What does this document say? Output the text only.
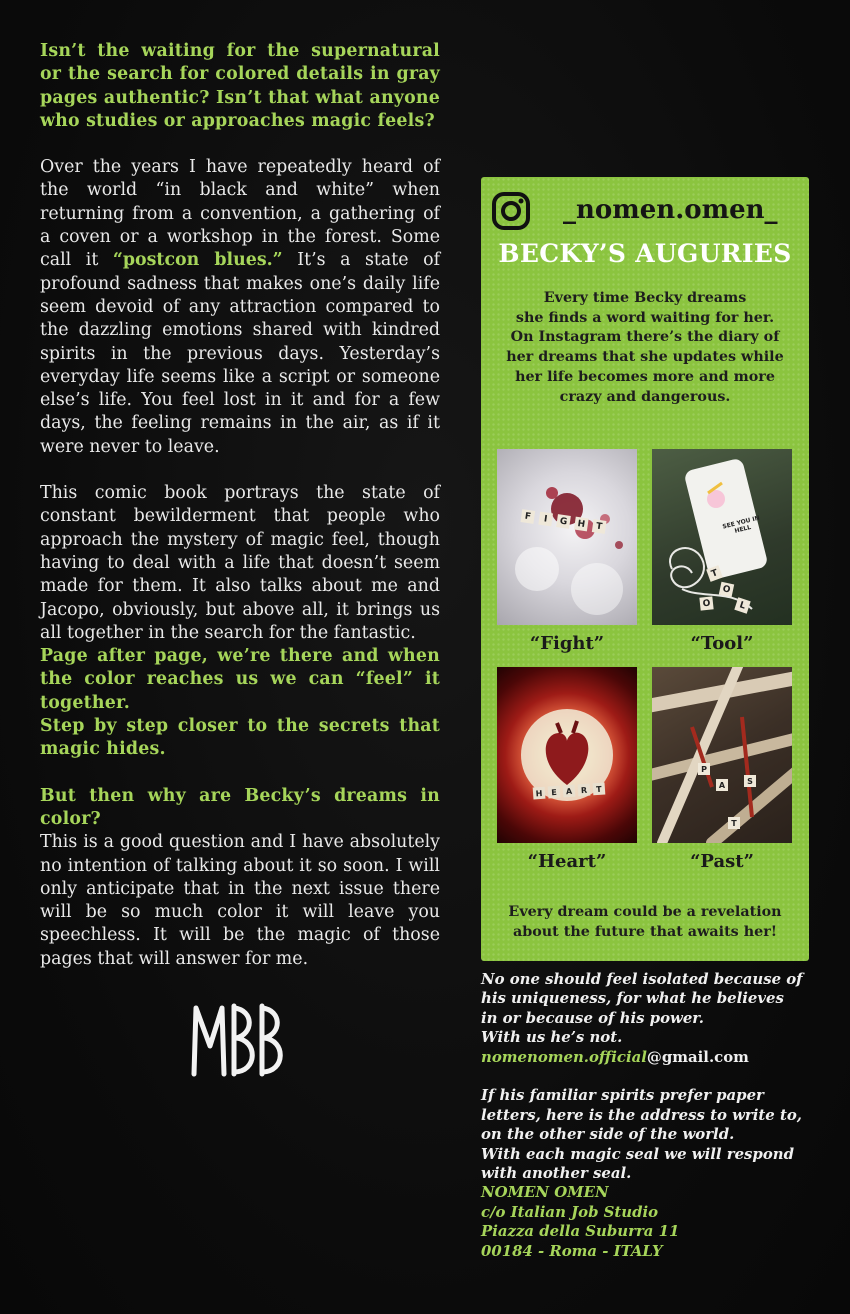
Isn’t the waiting for the supernatural or the search for colored details in gray pages authentic? Isn’t that what anyone who studies or approaches magic feels?

Over the years I have repeatedly heard of the world “in black and white” when returning from a convention, a gathering of a coven or a workshop in the forest. Some call it “postcon blues.” It’s a state of profound sadness that makes one’s daily life seem devoid of any attraction compared to the dazzling emotions shared with kindred spirits in the previous days. Yesterday’s everyday life seems like a script or someone else’s life. You feel lost in it and for a few days, the feeling remains in the air, as if it were never to leave.

This comic book portrays the state of constant bewilderment that people who approach the mystery of magic feel, though having to deal with a life that doesn’t seem made for them. It also talks about me and Jacopo, obviously, but above all, it brings us all together in the search for the fantastic.

Page after page, we’re there and when the color reaches us we can “feel” it together.

Step by step closer to the secrets that magic hides.

But then why are Becky’s dreams in color?

This is a good question and I have absolutely no intention of talking about it so soon. I will only anticipate that in the next issue there will be so much color it will leave you speechless. It will be the magic of those pages that will answer for me.

_nomen.omen_
BECKY’S AUGURIES
Every time Becky dreams
she finds a word waiting for her.
On Instagram there’s the diary of
her dreams that she updates while
her life becomes more and more
crazy and dangerous.
F	I	G	H	T
“Fight”
SEE YOU IN HELL
T
O
O	L
“Tool”
H	E	A	R	T
“Heart”
P
A	S
T
“Past”
Every dream could be a revelation
about the future that awaits her!
No one should feel isolated because of
his uniqueness, for what he believes
in or because of his power.
With us he’s not.
nomenomen.official@gmail.com
If his familiar spirits prefer paper
letters, here is the address to write to,
on the other side of the world.
With each magic seal we will respond
with another seal.
NOMEN OMEN
c/o Italian Job Studio
Piazza della Suburra 11
00184 - Roma - ITALY
